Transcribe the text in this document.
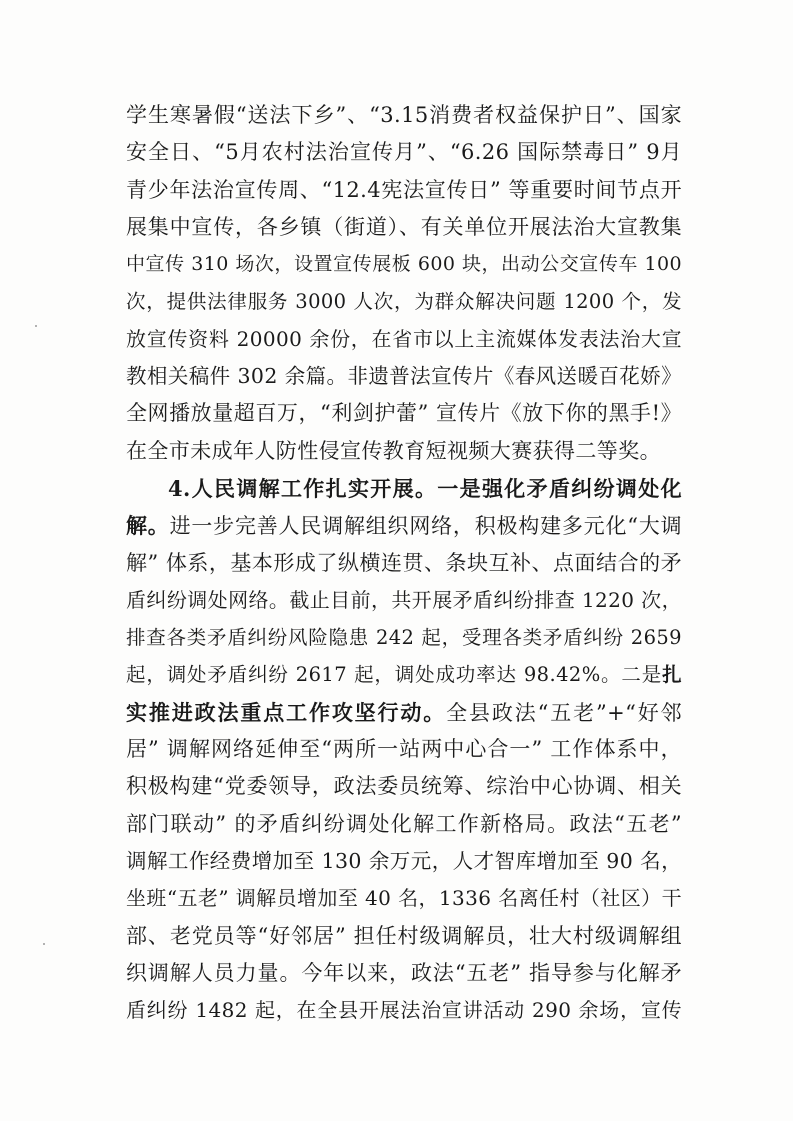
学生寒暑假“送法下乡”、“3.15消费者权益保护日”、国家
安全日、“5月农村法治宣传月”、“6.26 国际禁毒日” 9月
青少年法治宣传周、“12.4宪法宣传日” 等重要时间节点开
展集中宣传，各乡镇（街道）、有关单位开展法治大宣教集
中宣传 310 场次，设置宣传展板 600 块，出动公交宣传车 100
次，提供法律服务 3000 人次，为群众解决问题 1200 个，发
放宣传资料 20000 余份，在省市以上主流媒体发表法治大宣
教相关稿件 302 余篇。非遗普法宣传片《春风送暖百花娇》
全网播放量超百万，“利剑护蕾” 宣传片《放下你的黑手!》
在全市未成年人防性侵宣传教育短视频大赛获得二等奖。
4.人民调解工作扎实开展。一是强化矛盾纠纷调处化
解。进一步完善人民调解组织网络，积极构建多元化“大调
解” 体系，基本形成了纵横连贯、条块互补、点面结合的矛
盾纠纷调处网络。截止目前，共开展矛盾纠纷排查 1220 次，
排查各类矛盾纠纷风险隐患 242 起，受理各类矛盾纠纷 2659
起，调处矛盾纠纷 2617 起，调处成功率达 98.42%。二是扎
实推进政法重点工作攻坚行动。全县政法“五老”+“好邻
居” 调解网络延伸至“两所一站两中心合一” 工作体系中，
积极构建“党委领导，政法委员统筹、综治中心协调、相关
部门联动” 的矛盾纠纷调处化解工作新格局。政法“五老”
调解工作经费增加至 130 余万元，人才智库增加至 90 名，
坐班“五老” 调解员增加至 40 名，1336 名离任村（社区）干
部、老党员等“好邻居” 担任村级调解员，壮大村级调解组
织调解人员力量。今年以来，政法“五老” 指导参与化解矛
盾纠纷 1482 起，在全县开展法治宣讲活动 290 余场，宣传
